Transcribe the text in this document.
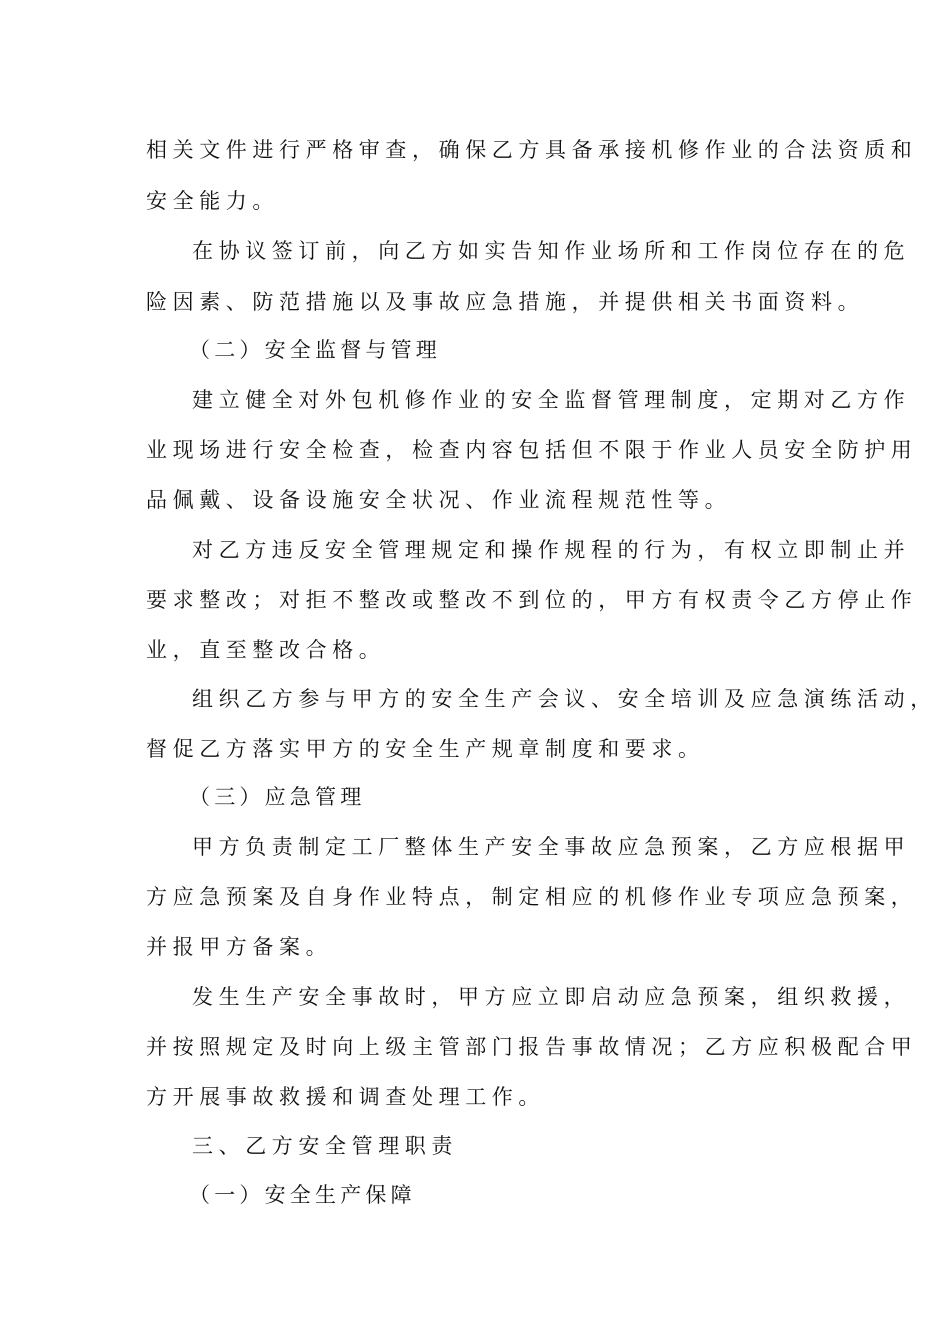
相关文件进行严格审查，确保乙方具备承接机修作业的合法资质和
安全能力。
在协议签订前，向乙方如实告知作业场所和工作岗位存在的危
险因素、防范措施以及事故应急措施，并提供相关书面资料。
（二）安全监督与管理
建立健全对外包机修作业的安全监督管理制度，定期对乙方作
业现场进行安全检查，检查内容包括但不限于作业人员安全防护用
品佩戴、设备设施安全状况、作业流程规范性等。
对乙方违反安全管理规定和操作规程的行为，有权立即制止并
要求整改；对拒不整改或整改不到位的，甲方有权责令乙方停止作
业，直至整改合格。
组织乙方参与甲方的安全生产会议、安全培训及应急演练活动，
督促乙方落实甲方的安全生产规章制度和要求。
（三）应急管理
甲方负责制定工厂整体生产安全事故应急预案，乙方应根据甲
方应急预案及自身作业特点，制定相应的机修作业专项应急预案，
并报甲方备案。
发生生产安全事故时，甲方应立即启动应急预案，组织救援，
并按照规定及时向上级主管部门报告事故情况；乙方应积极配合甲
方开展事故救援和调查处理工作。
三、乙方安全管理职责
（一）安全生产保障
